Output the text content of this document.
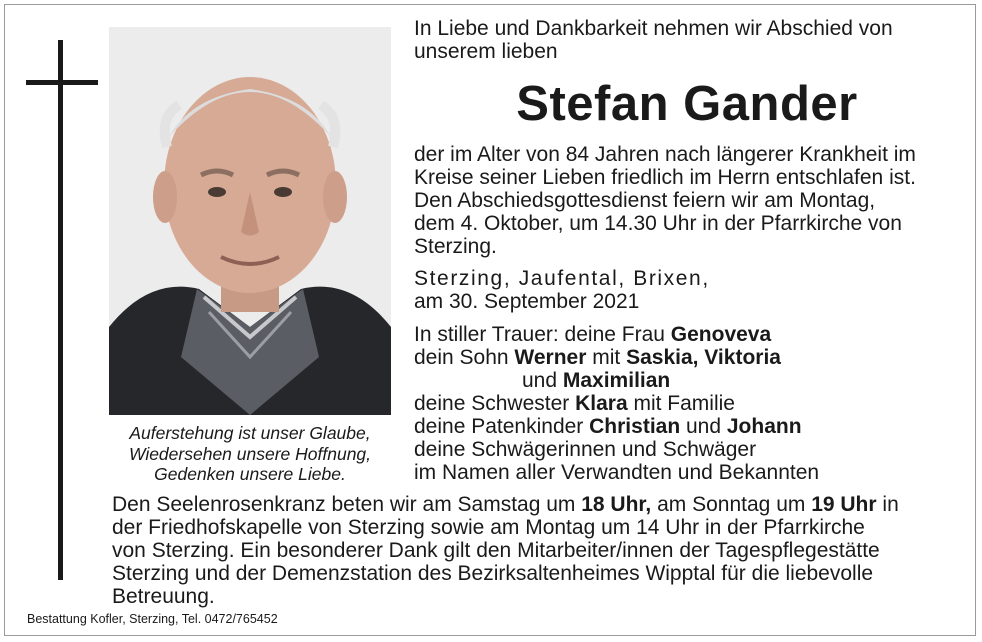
Auferstehung ist unser Glaube,
Wiedersehen unsere Hoffnung,
Gedenken unsere Liebe.
In Liebe und Dankbarkeit nehmen wir Abschied von
unserem lieben
Stefan Gander
der im Alter von 84 Jahren nach längerer Krankheit im
Kreise seiner Lieben friedlich im Herrn entschlafen ist.
Den Abschiedsgottesdienst feiern wir am Montag,
dem 4. Oktober, um 14.30 Uhr in der Pfarrkirche von
Sterzing.
Sterzing, Jaufental, Brixen,
am 30. September 2021
In stiller Trauer: deine Frau Genoveva
dein Sohn Werner mit Saskia, Viktoria
und Maximilian
deine Schwester Klara mit Familie
deine Patenkinder Christian und Johann
deine Schwägerinnen und Schwäger
im Namen aller Verwandten und Bekannten
Den Seelenrosenkranz beten wir am Samstag um 18 Uhr, am Sonntag um 19 Uhr in
der Friedhofskapelle von Sterzing sowie am Montag um 14 Uhr in der Pfarrkirche
von Sterzing. Ein besonderer Dank gilt den Mitarbeiter/innen der Tagespflegestätte
Sterzing und der Demenzstation des Bezirksaltenheimes Wipptal für die liebevolle
Betreuung.
Bestattung Kofler, Sterzing, Tel. 0472/765452
